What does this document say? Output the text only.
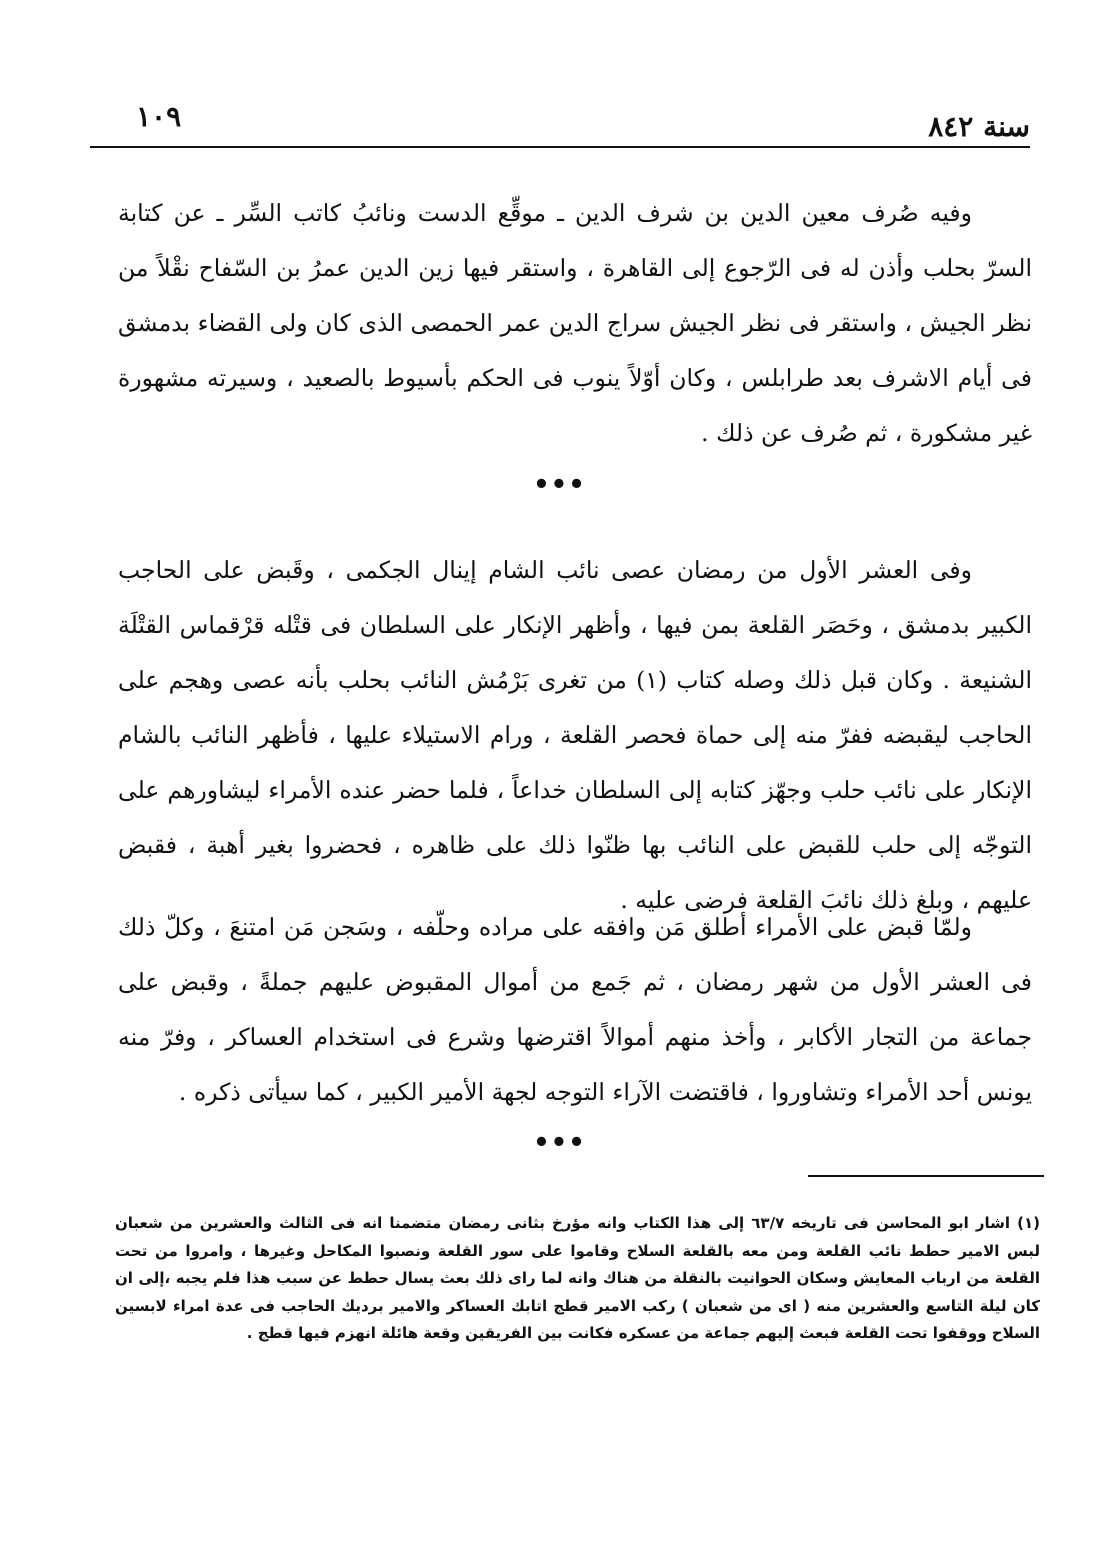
سنة ٨٤٢
١٠٩

وفيه صُرف معين الدين بن شرف الدين ـ موقِّع الدست ونائبُ كاتب السِّر ـ عن كتابة السرّ بحلب وأذن له فى الرّجوع إلى القاهرة ، واستقر فيها زين الدين عمرُ بن السّفاح نقْلاً من نظر الجيش ، واستقر فى نظر الجيش سراج الدين عمر الحمصى الذى كان ولى القضاء بدمشق فى أيام الاشرف بعد طرابلس ، وكان أوّلاً ينوب فى الحكم بأسيوط بالصعيد ، وسيرته مشهورة غير مشكورة ، ثم صُرف عن ذلك .

•••

وفى العشر الأول من رمضان عصى نائب الشام إينال الجكمى ، وقَبض على الحاجب الكبير بدمشق ، وحَصَر القلعة بمن فيها ، وأظهر الإنكار على السلطان فى قتْله قرْقماس القتْلَة الشنيعة . وكان قبل ذلك وصله كتاب (١) من تغرى بَرْمُش النائب بحلب بأنه عصى وهجم على الحاجب ليقبضه ففرّ منه إلى حماة فحصر القلعة ، ورام الاستيلاء عليها ، فأظهر النائب بالشام الإنكار على نائب حلب وجهّز كتابه إلى السلطان خداعاً ، فلما حضر عنده الأمراء ليشاورهم على التوجّه إلى حلب للقبض على النائب بها ظنّوا ذلك على ظاهره ، فحضروا بغير أهبة ، فقبض عليهم ، وبلغ ذلك نائبَ القلعة فرضى عليه .

ولمّا قبض على الأمراء أطلق مَن وافقه على مراده وحلّفه ، وسَجن مَن امتنعَ ، وكلّ ذلك فى العشر الأول من شهر رمضان ، ثم جَمع من أموال المقبوض عليهم جملةً ، وقبض على جماعة من التجار الأكابر ، وأخذ منهم أموالاً اقترضها وشرع فى استخدام العساكر ، وفرّ منه يونس أحد الأمراء وتشاوروا ، فاقتضت الآراء التوجه لجهة الأمير الكبير ، كما سيأتى ذكره .

•••

(١) اشار ابو المحاسن فى تاريخه ٦٣/٧ إلى هذا الكتاب وانه مؤرخ بثانى رمضان متضمنا انه فى الثالث والعشرين من شعبان لبس الامير حطط نائب القلعة ومن معه بالقلعة السلاح وقاموا على سور القلعة ونصبوا المكاحل وغيرها ، وامروا من تحت القلعة من ارباب المعايش وسكان الحوانيت بالنقلة من هناك وانه لما راى ذلك بعث يسال حطط عن سبب هذا فلم يجبه ،إلى ان كان ليلة التاسع والعشرين منه ( اى من شعبان ) ركب الامير قطج اتابك العساكر والامير برديك الحاجب فى عدة امراء لابسين السلاح ووقفوا تحت القلعة فبعث إليهم جماعة من عسكره فكانت بين الفريقين وقعة هائلة انهزم فيها قطج .
